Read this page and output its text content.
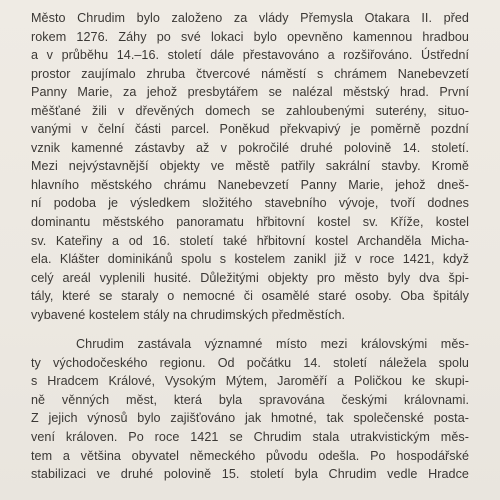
Město Chrudim bylo založeno za vlády Přemysla Otakara II. před
rokem 1276. Záhy po své lokaci bylo opevněno kamennou hradbou
a v průběhu 14.–16. století dále přestavováno a rozšiřováno. Ústřední
prostor zaujímalo zhruba čtvercové náměstí s chrámem Nanebevzetí
Panny Marie, za jehož presbytářem se nalézal městský hrad. První
měšťané žili v dřevěných domech se zahloubenými suterény, situo-
vanými v čelní části parcel. Poněkud překvapivý je poměrně pozdní
vznik kamenné zástavby až v pokročilé druhé polovině 14. století.
Mezi nejvýstavnější objekty ve městě patřily sakrální stavby. Kromě
hlavního městského chrámu Nanebevzetí Panny Marie, jehož dneš-
ní podoba je výsledkem složitého stavebního vývoje, tvoří dodnes
dominantu městského panoramatu hřbitovní kostel sv. Kříže, kostel
sv. Kateřiny a od 16. století také hřbitovní kostel Archanděla Micha-
ela. Klášter dominikánů spolu s kostelem zanikl již v roce 1421, když
celý areál vyplenili husité. Důležitými objekty pro město byly dva špi-
tály, které se staraly o nemocné či osamělé staré osoby. Oba špitály
vybavené kostelem stály na chrudimských předměstích.
Chrudim zastávala významné místo mezi královskými měs-
ty východočeského regionu. Od počátku 14. století náležela spolu
s Hradcem Králové, Vysokým Mýtem, Jaroměří a Poličkou ke skupi-
ně věnných měst, která byla spravována českými královnami.
Z jejich výnosů bylo zajišťováno jak hmotné, tak společenské posta-
vení královen. Po roce 1421 se Chrudim stala utrakvistickým měs-
tem a většina obyvatel německého původu odešla. Po hospodářské
stabilizaci ve druhé polovině 15. století byla Chrudim vedle Hradce
